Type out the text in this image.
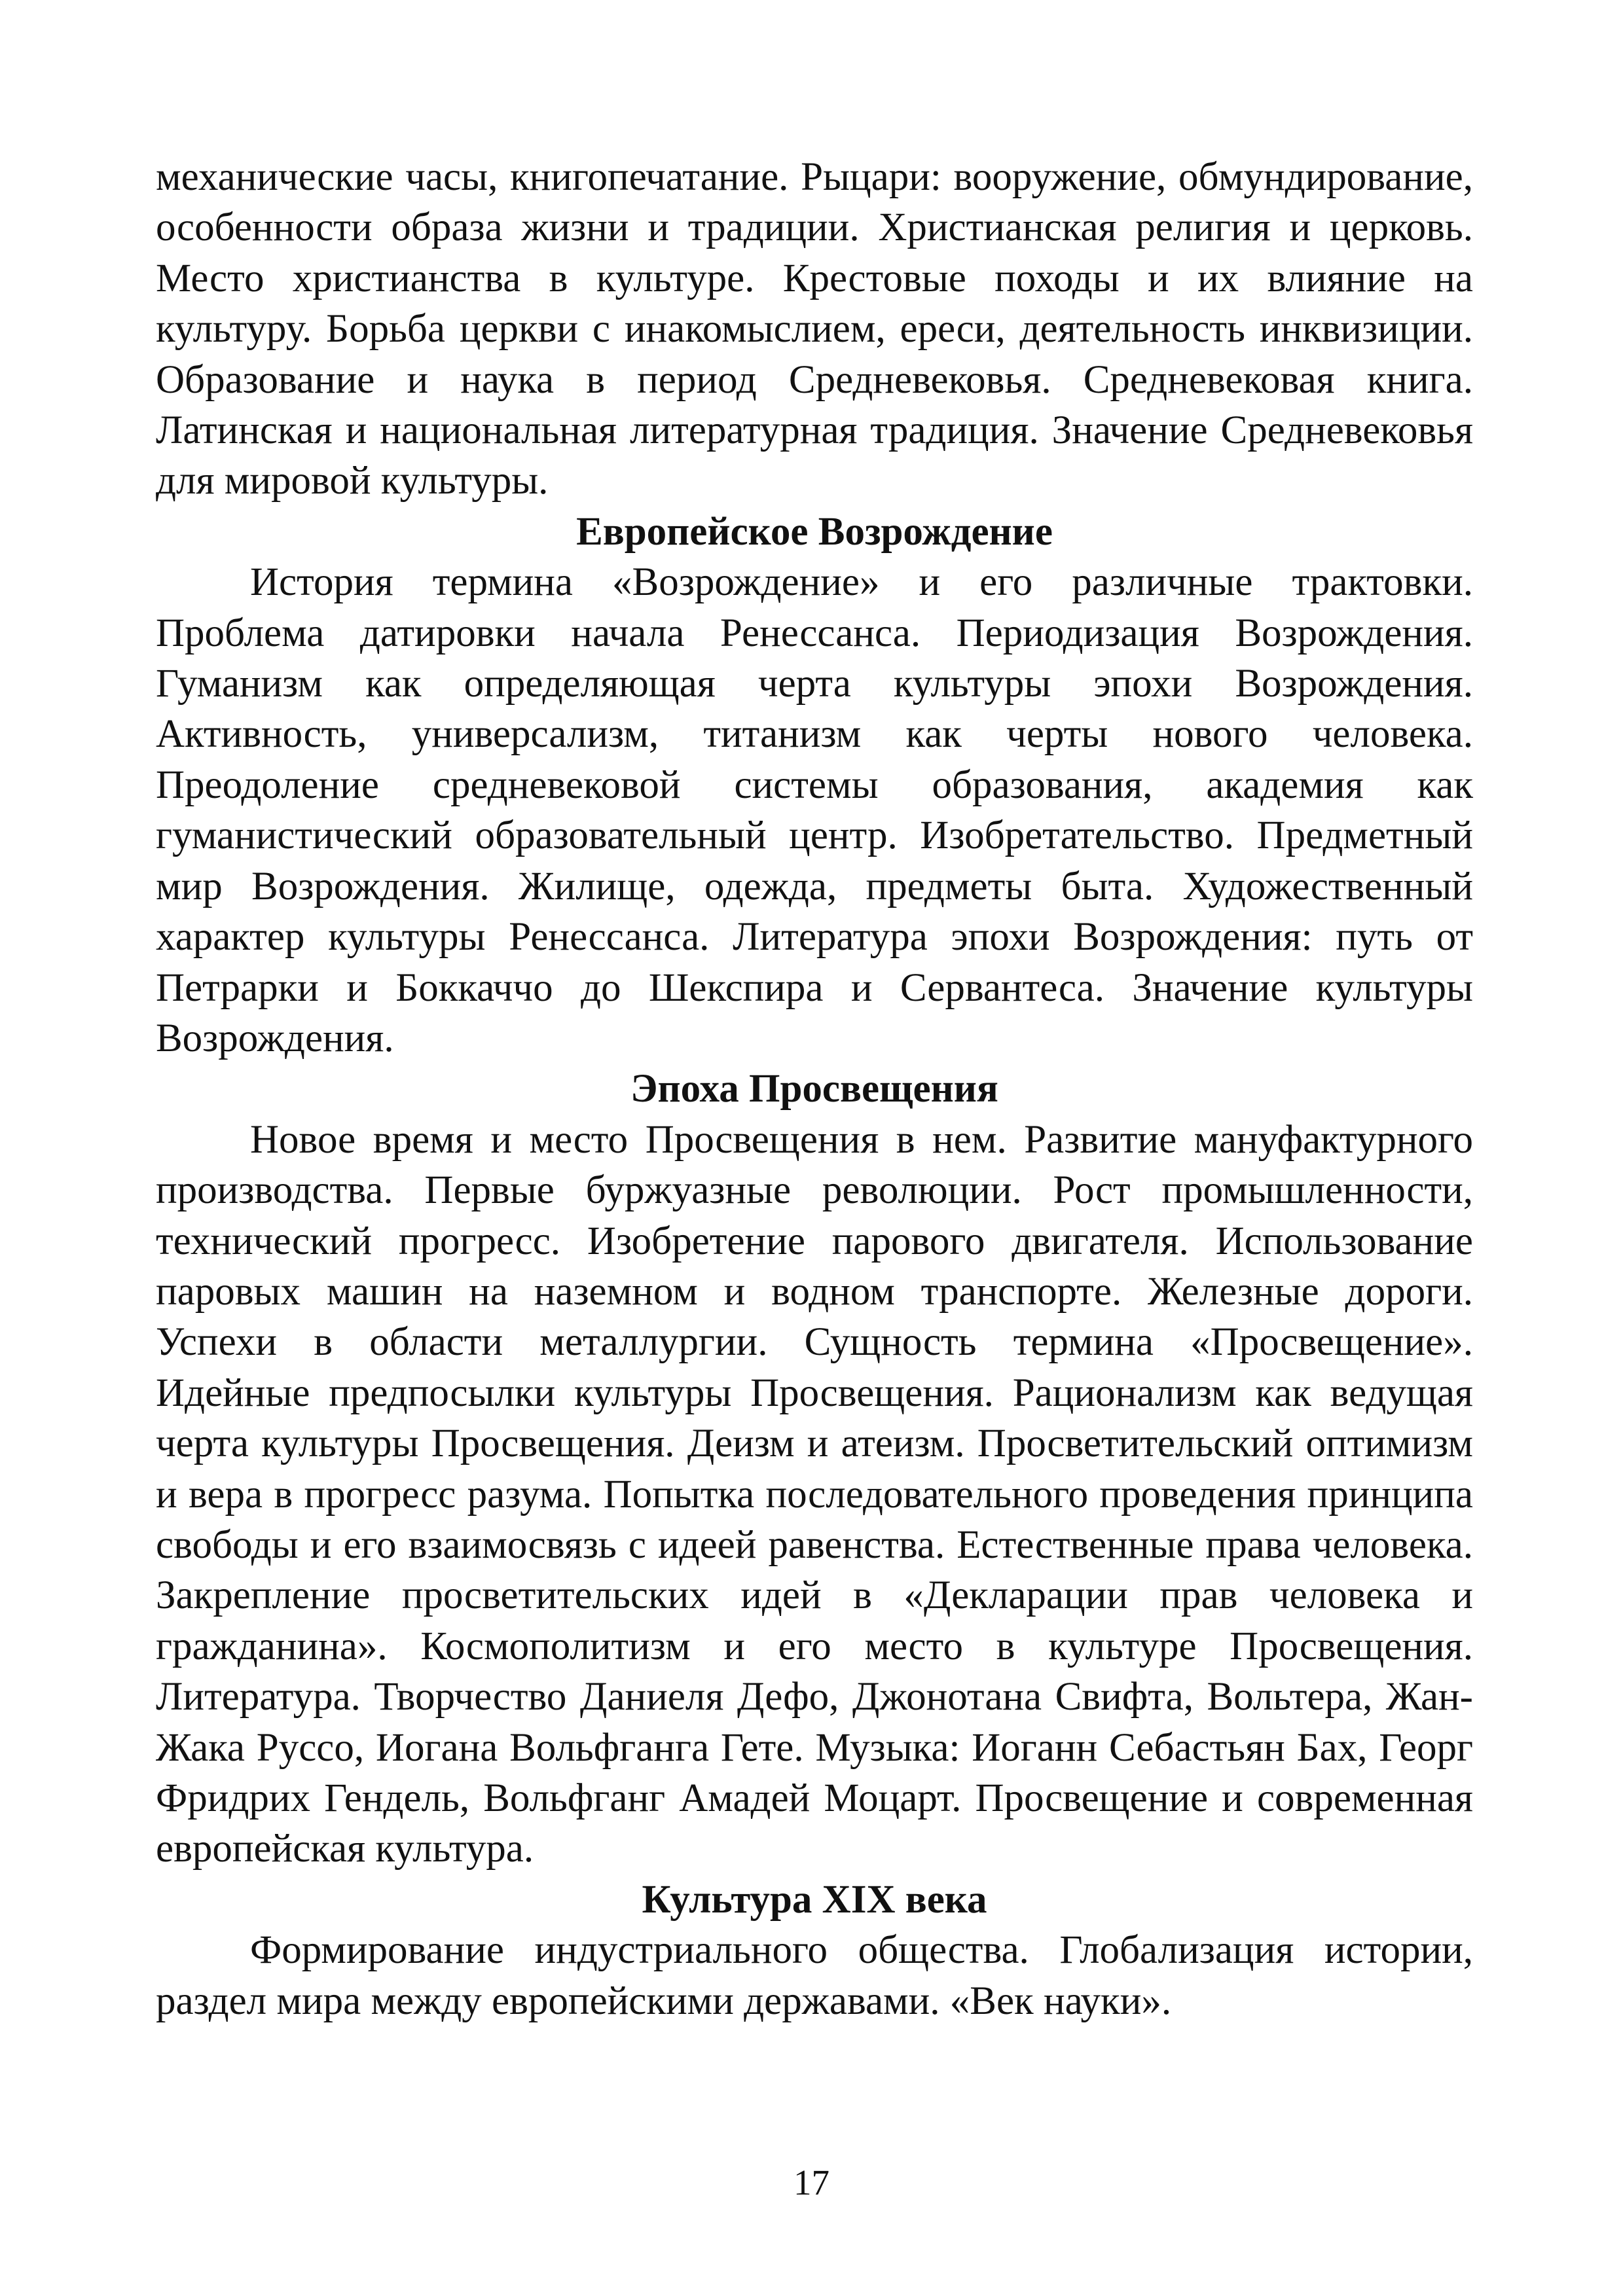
механические часы, книгопечатание. Рыцари: вооружение, обмундирование, особенности образа жизни и традиции. Христианская религия и церковь. Место христианства в культуре. Крестовые походы и их влияние на культуру. Борьба церкви с инакомыслием, ереси, деятельность инквизиции. Образование и наука в период Средневековья. Средневековая книга. Латинская и национальная литературная традиция. Значение Средневековья для мировой культуры.

Европейское Возрождение

История термина «Возрождение» и его различные трактовки. Проблема датировки начала Ренессанса. Периодизация Возрождения. Гуманизм как определяющая черта культуры эпохи Возрождения. Активность, универсализм, титанизм как черты нового человека. Преодоление средневековой системы образования, академия как гуманистический образовательный центр. Изобретательство. Предметный мир Возрождения. Жилище, одежда, предметы быта. Художественный характер культуры Ренессанса. Литература эпохи Возрождения: путь от Петрарки и Боккаччо до Шекспира и Сервантеса. Значение культуры Возрождения.

Эпоха Просвещения

Новое время и место Просвещения в нем. Развитие мануфактурного производства. Первые буржуазные революции. Рост промышленности, технический прогресс. Изобретение парового двигателя. Использование паровых машин на наземном и водном транспорте. Железные дороги. Успехи в области металлургии. Сущность термина «Просвещение». Идейные предпосылки культуры Просвещения. Рационализм как ведущая черта культуры Просвещения. Деизм и атеизм. Просветительский оптимизм и вера в прогресс разума. Попытка последовательного проведения принципа свободы и его взаимосвязь с идеей равенства. Естественные права человека. Закрепление просветительских идей в «Декларации прав человека и гражданина». Космополитизм и его место в культуре Просвещения. Литература. Творчество Даниеля Дефо, Джонотана Свифта, Вольтера, Жан-Жака Руссо, Иогана Вольфганга Гете. Музыка: Иоганн Себастьян Бах, Георг Фридрих Гендель, Вольфганг Амадей Моцарт. Просвещение и современная европейская культура.

Культура XIX века

Формирование индустриального общества. Глобализация истории, раздел мира между европейскими державами. «Век науки».

17
